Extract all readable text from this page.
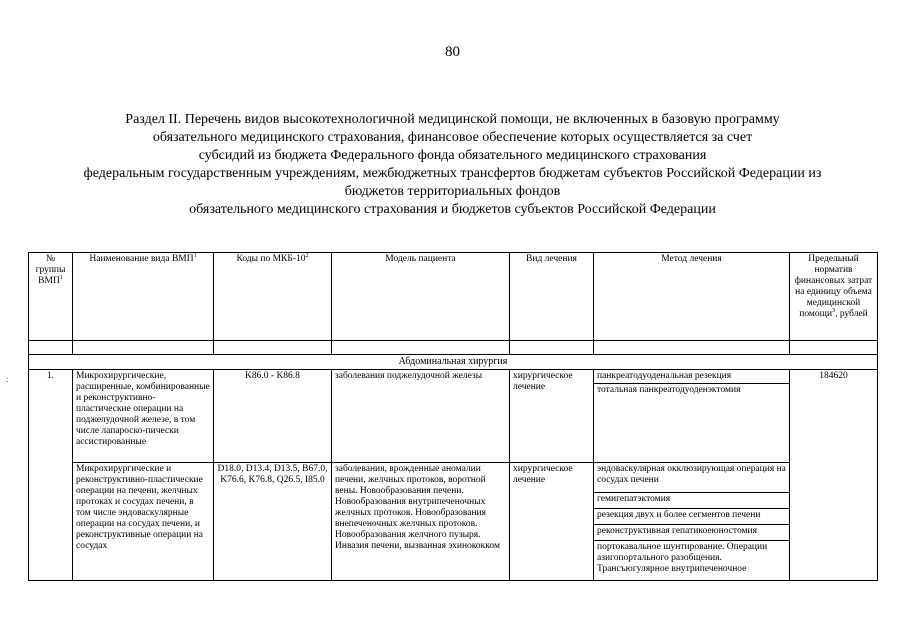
80
Раздел II. Перечень видов высокотехнологичной медицинской помощи, не включенных в базовую программу
обязательного медицинского страхования, финансовое обеспечение которых осуществляется за счет
субсидий из бюджета Федерального фонда обязательного медицинского страхования
федеральным государственным учреждениям, межбюджетных трансфертов бюджетам субъектов Российской Федерации из
бюджетов территориальных фондов
обязательного медицинского страхования и бюджетов субъектов Российской Федерации
:
№ группы ВМП$^1$	Наименование вида ВМП$^1$	Коды по МКБ-$10^2$	Модель пациента	Вид лечения	Метод лечения	Предельный норматив финансовых затрат на единицу объема медицинской помощи$^3$, рублей

Абдоминальная хирургия						
1.	Микрохирургические, расширенные, комбинированные и реконструктивно-пластические операции на поджелудочной железе, в том числе лапароско-пически ассистированные	K86.0 - K86.8	заболевания поджелудочной железы	хирургическое лечение	панкреатодуоденальная резекция	184620
					тотальная панкреатодуоденэктомия	

	Микрохирургические и реконструктивно-пластические операции на печени, желчных протоках и сосудах печени, в том числе эндоваскулярные операции на сосудах печени, и реконструктивные операции на сосудах	D18.0, D13.4, D13.5, B67.0, K76.6, K76.8, Q26.5, I85.0	заболевания, врожденные аномалии печени, желчных протоков, воротной вены. Новообразования печени. Новообразования внутрипеченочных желчных протоков. Новообразования внепеченочных желчных протоков. Новообразования желчного пузыря. Инвазия печени, вызванная эхинококком	хирургическое лечение	эндоваскулярная окклюзирующая операция на сосудах печени	
					гемигепатэктомия	
					резекция двух и более сегментов печени	
					реконструктивная гепатикоеюностомия	

					портокавальное шунтирование. Операции азигопортального разобщения. Трансъюгулярное внутрипеченочное	
